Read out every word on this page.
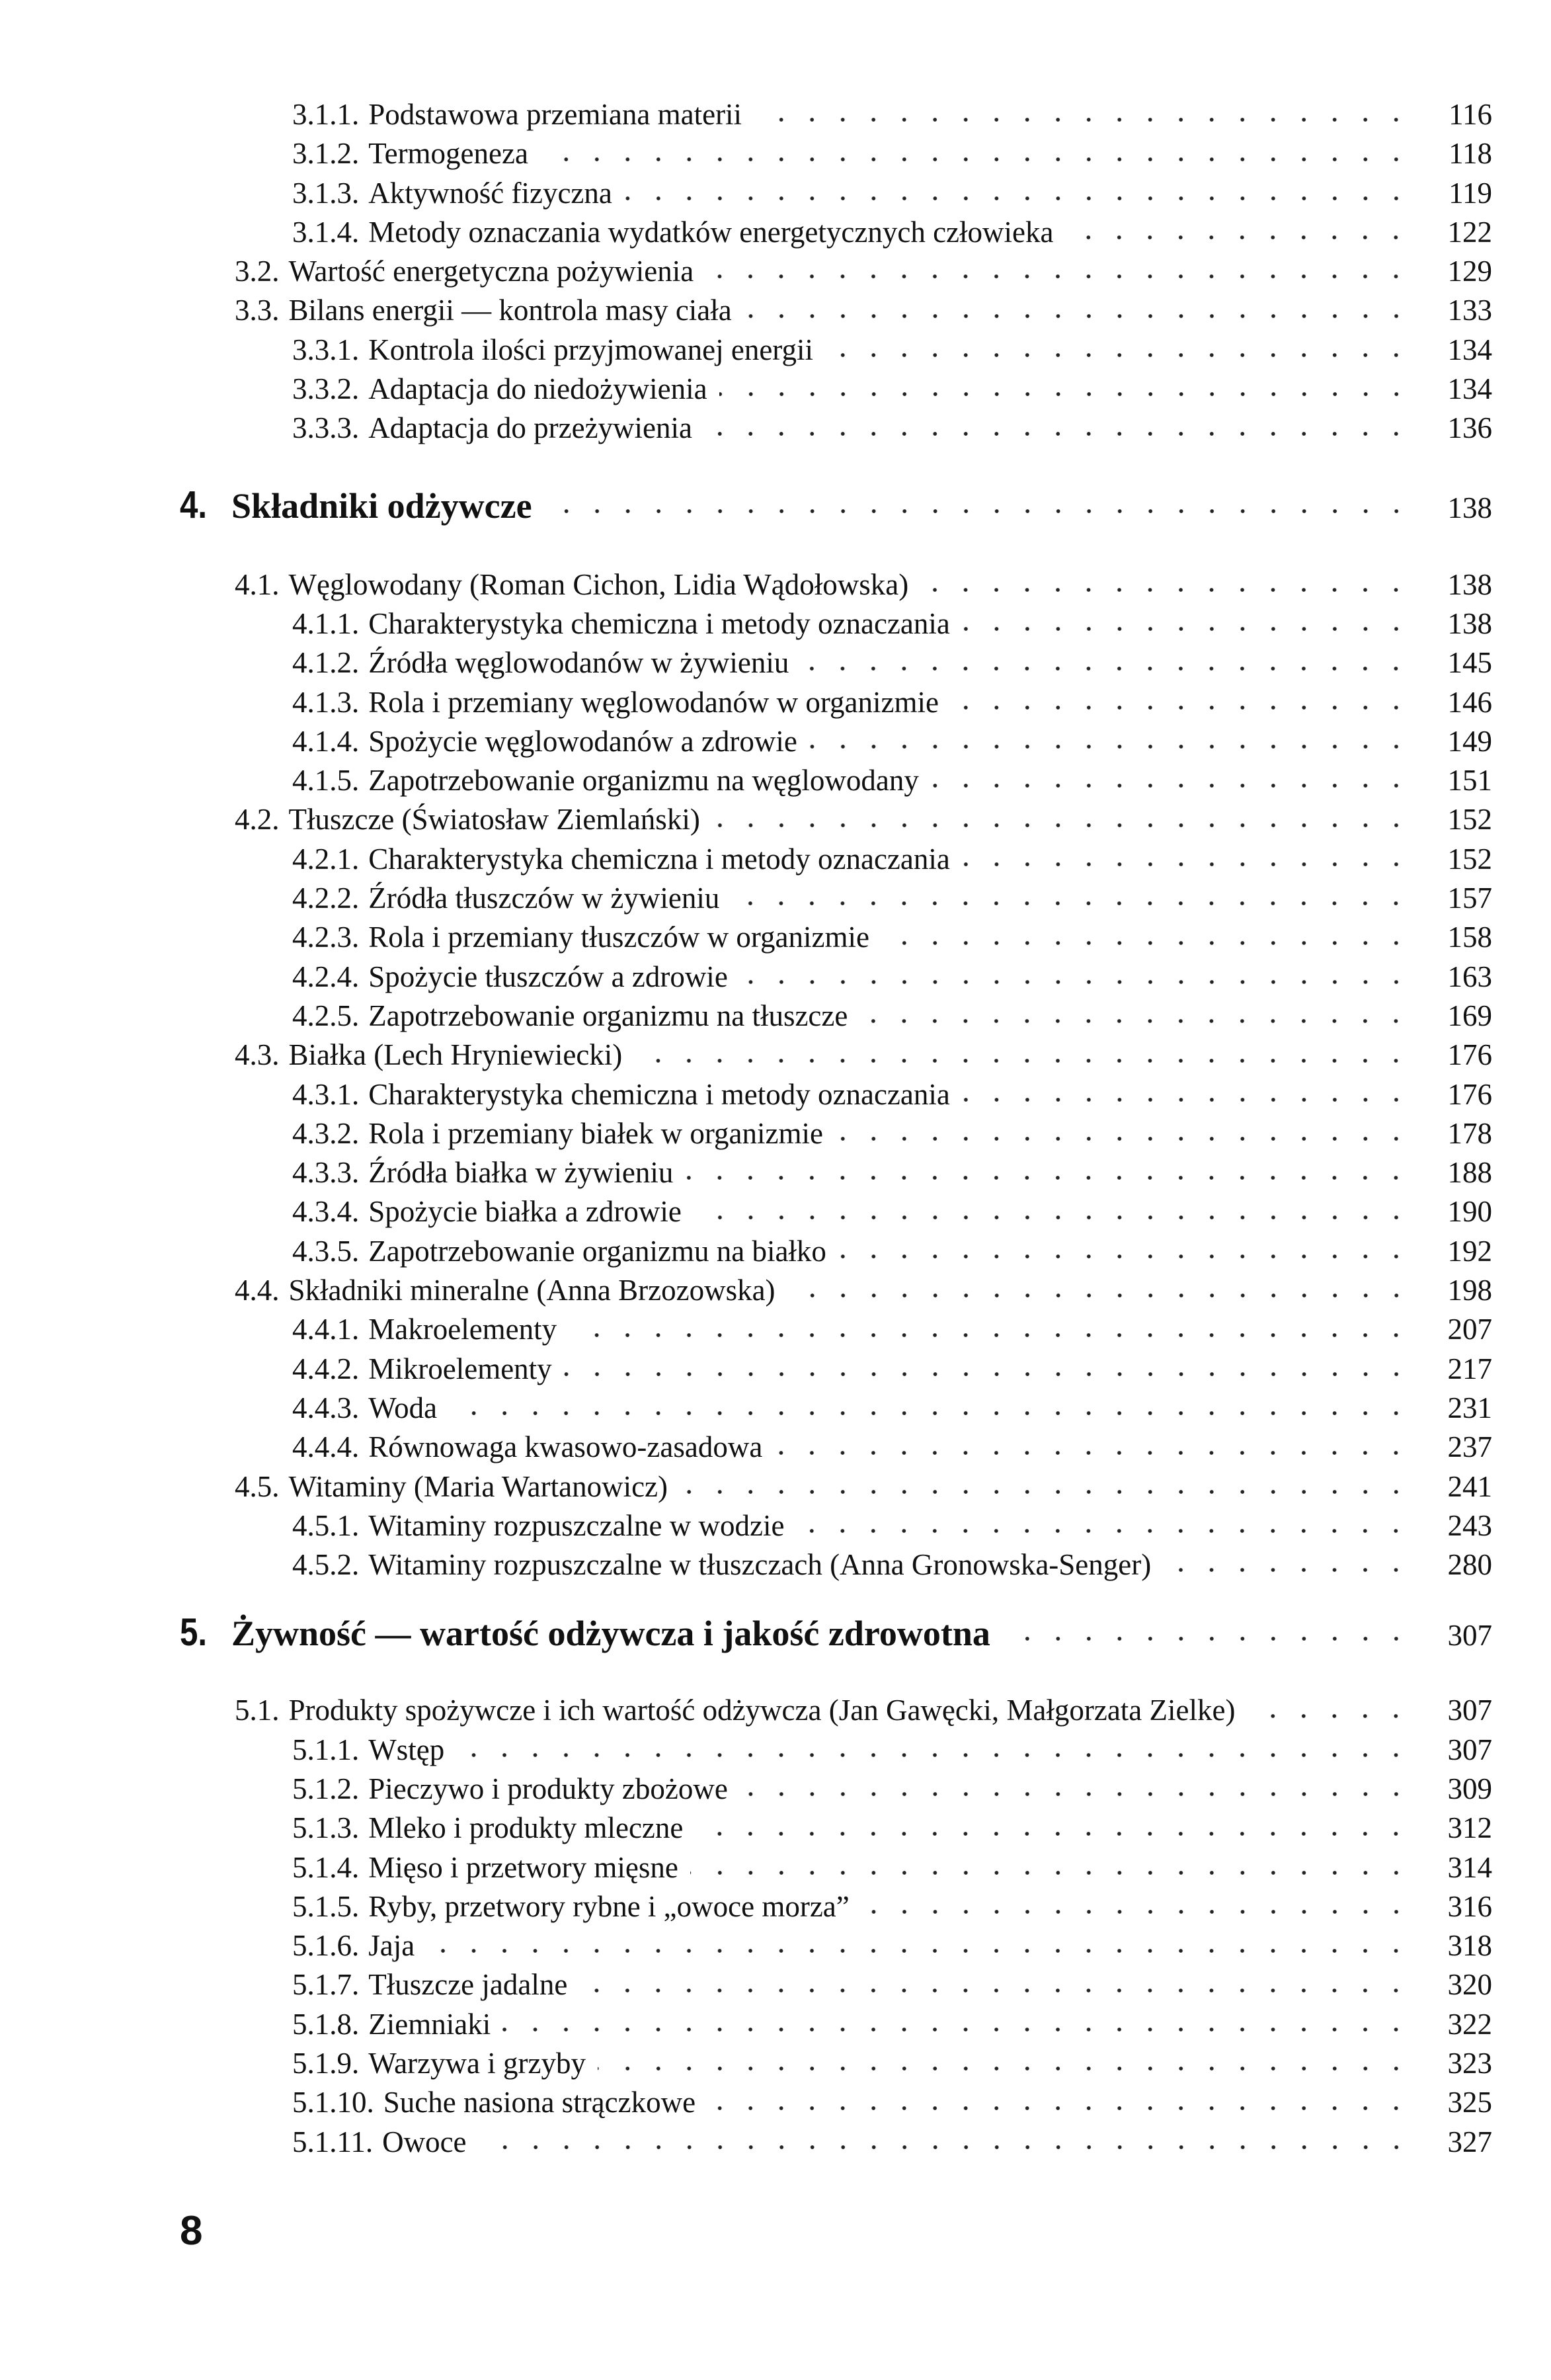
3.1.1. Podstawowa przemiana materii	116
3.1.2. Termogeneza	118
3.1.3. Aktywność fizyczna	119
3.1.4. Metody oznaczania wydatków energetycznych człowieka	122
3.2. Wartość energetyczna pożywienia	129
3.3. Bilans energii — kontrola masy ciała	133
3.3.1. Kontrola ilości przyjmowanej energii	134
3.3.2. Adaptacja do niedożywienia	134
3.3.3. Adaptacja do przeżywienia	136
4. Składniki odżywcze	138
4.1. Węglowodany (Roman Cichon, Lidia Wądołowska)	138
4.1.1. Charakterystyka chemiczna i metody oznaczania	138
4.1.2. Źródła węglowodanów w żywieniu	145
4.1.3. Rola i przemiany węglowodanów w organizmie	146
4.1.4. Spożycie węglowodanów a zdrowie	149
4.1.5. Zapotrzebowanie organizmu na węglowodany	151
4.2. Tłuszcze (Światosław Ziemlański)	152
4.2.1. Charakterystyka chemiczna i metody oznaczania	152
4.2.2. Źródła tłuszczów w żywieniu	157
4.2.3. Rola i przemiany tłuszczów w organizmie	158
4.2.4. Spożycie tłuszczów a zdrowie	163
4.2.5. Zapotrzebowanie organizmu na tłuszcze	169
4.3. Białka (Lech Hryniewiecki)	176
4.3.1. Charakterystyka chemiczna i metody oznaczania	176
4.3.2. Rola i przemiany białek w organizmie	178
4.3.3. Źródła białka w żywieniu	188
4.3.4. Spożycie białka a zdrowie	190
4.3.5. Zapotrzebowanie organizmu na białko	192
4.4. Składniki mineralne (Anna Brzozowska)	198
4.4.1. Makroelementy	207
4.4.2. Mikroelementy	217
4.4.3. Woda	231
4.4.4. Równowaga kwasowo-zasadowa	237
4.5. Witaminy (Maria Wartanowicz)	241
4.5.1. Witaminy rozpuszczalne w wodzie	243
4.5.2. Witaminy rozpuszczalne w tłuszczach (Anna Gronowska-Senger)	280
5. Żywność — wartość odżywcza i jakość zdrowotna	307
5.1. Produkty spożywcze i ich wartość odżywcza (Jan Gawęcki, Małgorzata Zielke)	307
5.1.1. Wstęp	307
5.1.2. Pieczywo i produkty zbożowe	309
5.1.3. Mleko i produkty mleczne	312
5.1.4. Mięso i przetwory mięsne	314
5.1.5. Ryby, przetwory rybne i „owoce morza”	316
5.1.6. Jaja	318
5.1.7. Tłuszcze jadalne	320
5.1.8. Ziemniaki	322
5.1.9. Warzywa i grzyby	323
5.1.10. Suche nasiona strączkowe	325
5.1.11. Owoce	327
8
